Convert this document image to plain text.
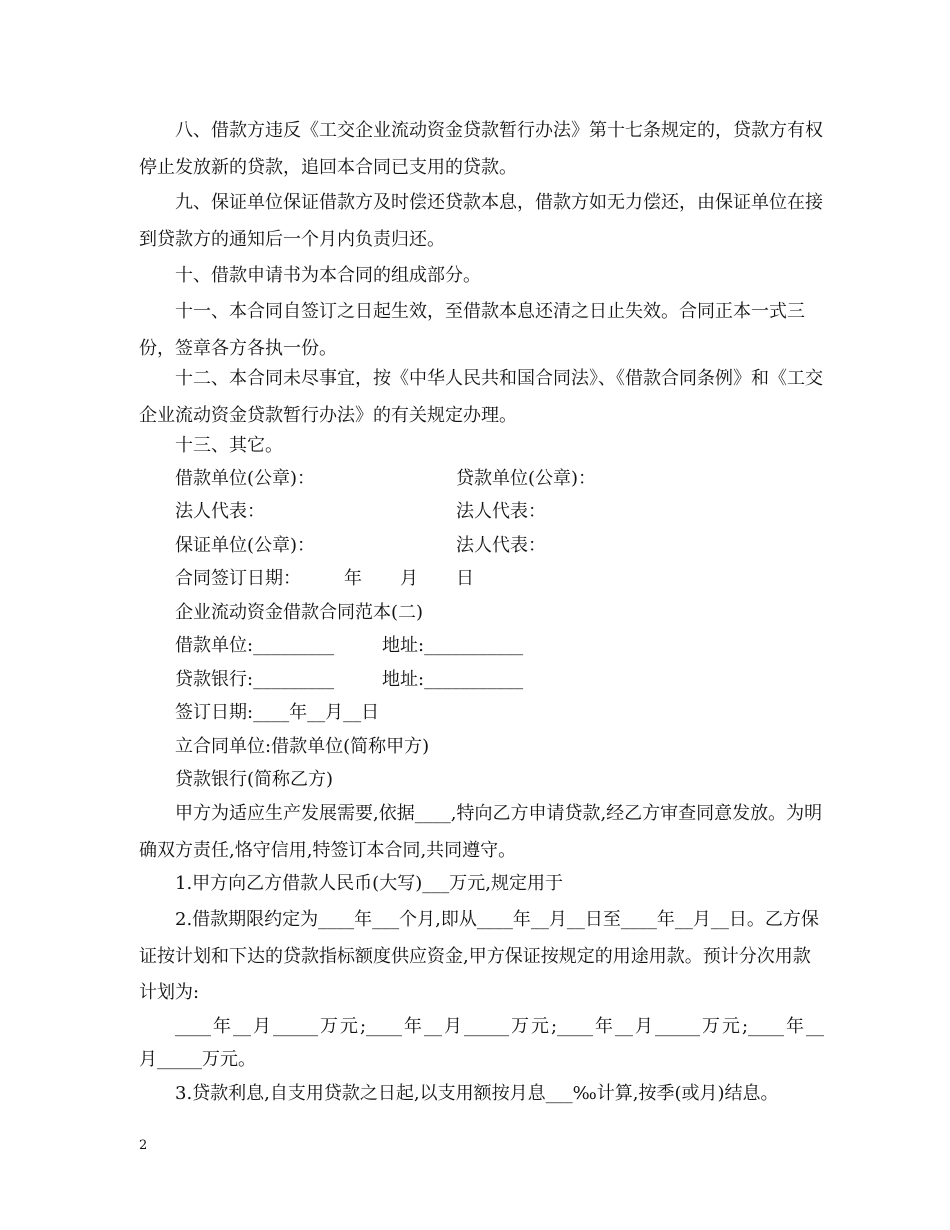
八、借款方违反《工交企业流动资金贷款暂行办法》第十七条规定的，贷款方有权停止发放新的贷款，追回本合同已支用的贷款。
九、保证单位保证借款方及时偿还贷款本息，借款方如无力偿还，由保证单位在接到贷款方的通知后一个月内负责归还。
十、借款申请书为本合同的组成部分。
十一、本合同自签订之日起生效，至借款本息还清之日止失效。合同正本一式三份，签章各方各执一份。
十二、本合同未尽事宜，按《中华人民共和国合同法》、《借款合同条例》和《工交企业流动资金贷款暂行办法》的有关规定办理。
十三、其它。
借款单位(公章)：	贷款单位(公章)：
法人代表：	法人代表：
保证单位(公章)：	法人代表：
合同签订日期： 年 月 日
企业流动资金借款合同范本(二)
借款单位:_________	地址:___________
贷款银行:_________	地址:___________
签订日期:____年__月__日
立合同单位:借款单位(简称甲方)
贷款银行(简称乙方)
甲方为适应生产发展需要,依据____,特向乙方申请贷款,经乙方审查同意发放。为明确双方责任,恪守信用,特签订本合同,共同遵守。
1.甲方向乙方借款人民币(大写)___万元,规定用于
2.借款期限约定为____年___个月,即从____年__月__日至____年__月__日。乙方保证按计划和下达的贷款指标额度供应资金,甲方保证按规定的用途用款。预计分次用款计划为:
____年__月_____万元;____年__月_____万元;____年__月_____万元;____年__
月_____万元。
3.贷款利息,自支用贷款之日起,以支用额按月息___‰计算,按季(或月)结息。
2
